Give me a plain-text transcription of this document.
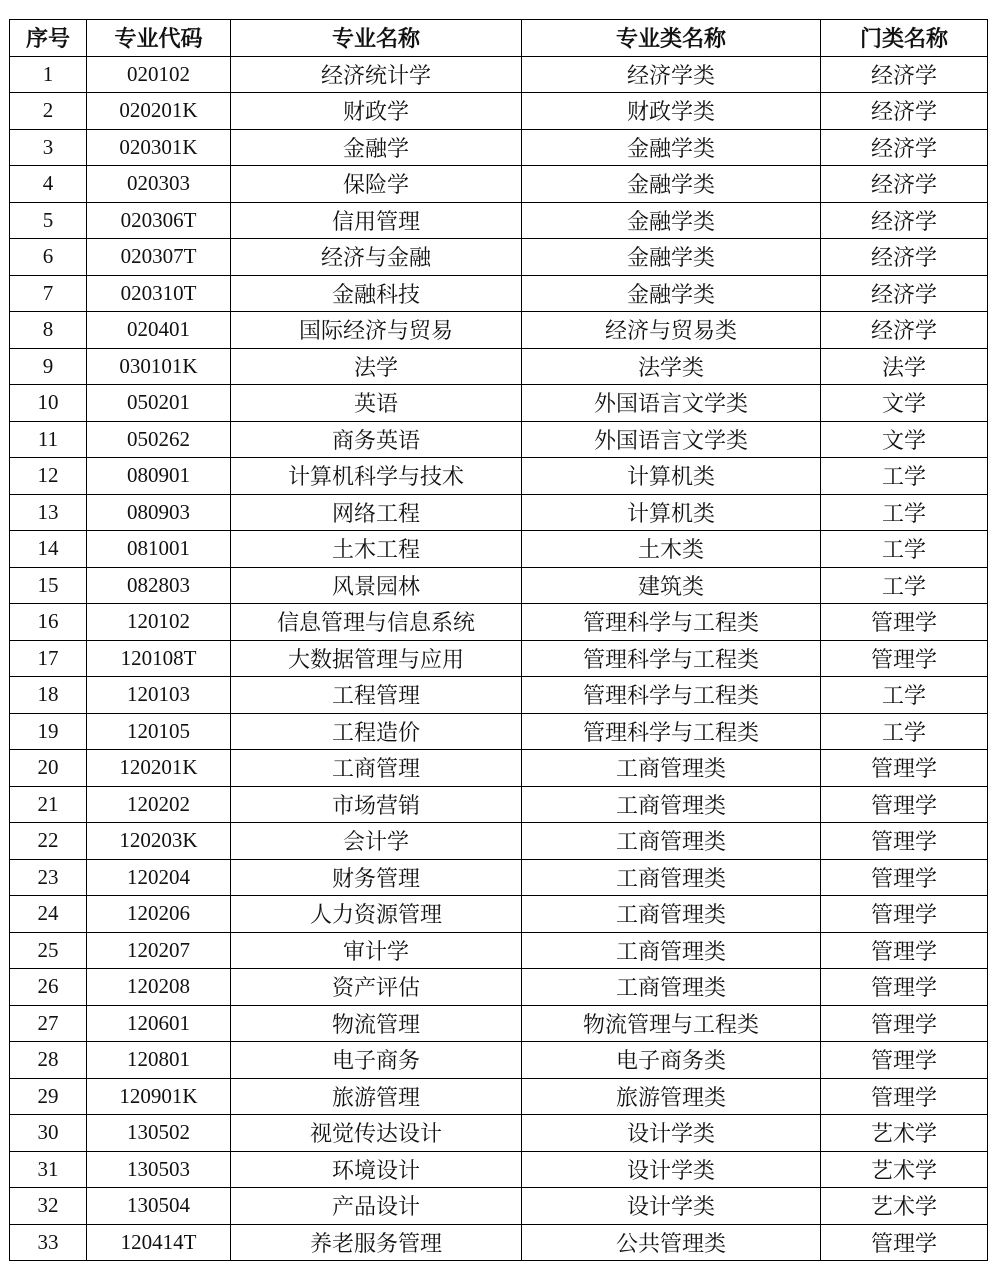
序号	专业代码	专业名称	专业类名称	门类名称
1	020102	经济统计学	经济学类	经济学
2	020201K	财政学	财政学类	经济学
3	020301K	金融学	金融学类	经济学
4	020303	保险学	金融学类	经济学
5	020306T	信用管理	金融学类	经济学
6	020307T	经济与金融	金融学类	经济学
7	020310T	金融科技	金融学类	经济学
8	020401	国际经济与贸易	经济与贸易类	经济学
9	030101K	法学	法学类	法学
10	050201	英语	外国语言文学类	文学
11	050262	商务英语	外国语言文学类	文学
12	080901	计算机科学与技术	计算机类	工学
13	080903	网络工程	计算机类	工学
14	081001	土木工程	土木类	工学
15	082803	风景园林	建筑类	工学
16	120102	信息管理与信息系统	管理科学与工程类	管理学
17	120108T	大数据管理与应用	管理科学与工程类	管理学
18	120103	工程管理	管理科学与工程类	工学
19	120105	工程造价	管理科学与工程类	工学
20	120201K	工商管理	工商管理类	管理学
21	120202	市场营销	工商管理类	管理学
22	120203K	会计学	工商管理类	管理学
23	120204	财务管理	工商管理类	管理学
24	120206	人力资源管理	工商管理类	管理学
25	120207	审计学	工商管理类	管理学
26	120208	资产评估	工商管理类	管理学
27	120601	物流管理	物流管理与工程类	管理学
28	120801	电子商务	电子商务类	管理学
29	120901K	旅游管理	旅游管理类	管理学
30	130502	视觉传达设计	设计学类	艺术学
31	130503	环境设计	设计学类	艺术学
32	130504	产品设计	设计学类	艺术学
33	120414T	养老服务管理	公共管理类	管理学
